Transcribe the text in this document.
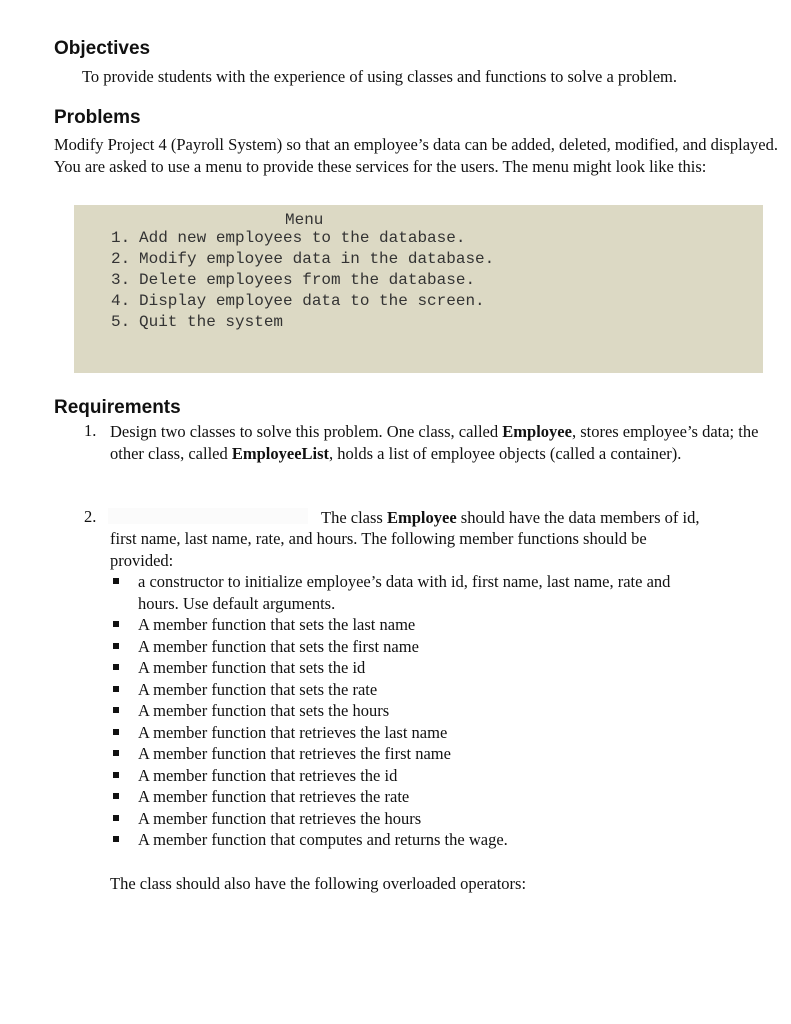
Objectives

To provide students with the experience of using classes and functions to solve a problem.

Problems

Modify Project 4 (Payroll System) so that an employee’s data can be added, deleted, modified, and displayed. You are asked to use a menu to provide these services for the users. The menu might look like this:

Menu
1. Add new employees to the database.
2. Modify employee data in the database.
3. Delete employees from the database.
4. Display employee data to the screen.
5. Quit the system
Requirements
1. Design two classes to solve this problem. One class, called Employee, stores employee’s data; the other class, called EmployeeList, holds a list of employee objects (called a container).

2.	The class Employee should have the data members of id,

first name, last name, rate, and hours. The following member functions should be

provided:

a constructor to initialize employee’s data with id, first name, last name, rate and
hours. Use default arguments.
A member function that sets the last name
A member function that sets the first name
A member function that sets the id
A member function that sets the rate
A member function that sets the hours
A member function that retrieves the last name
A member function that retrieves the first name
A member function that retrieves the id
A member function that retrieves the rate
A member function that retrieves the hours
A member function that computes and returns the wage.

The class should also have the following overloaded operators:
